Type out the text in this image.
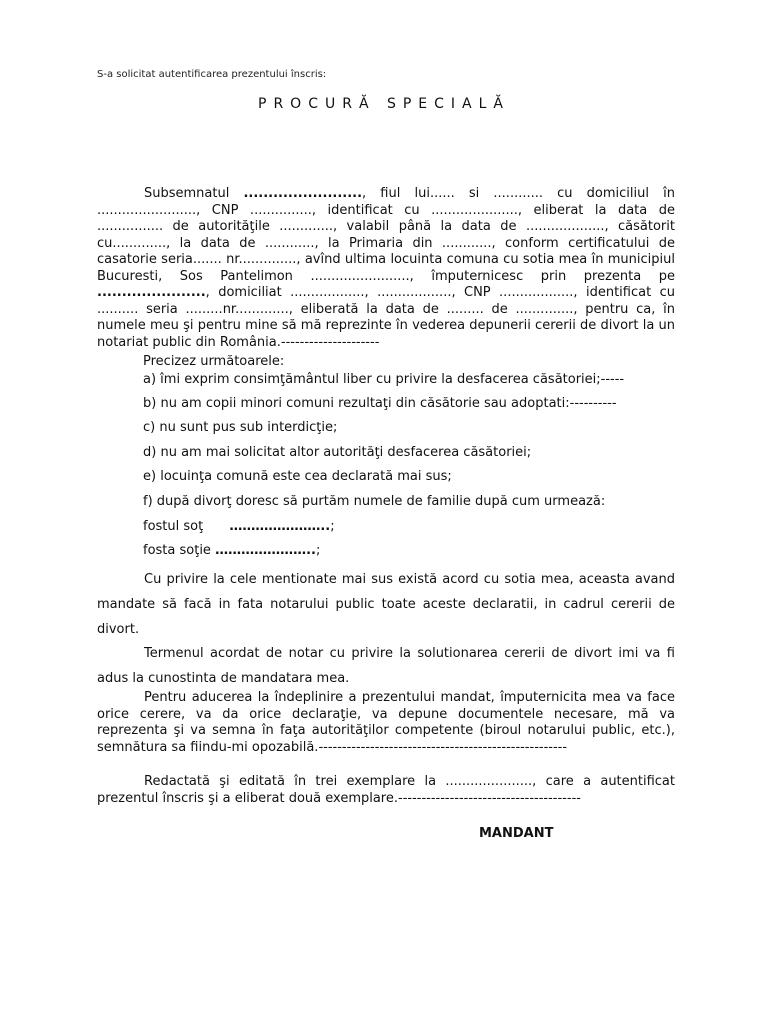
S-a solicitat autentificarea prezentului înscris:
PROCURĂ SPECIALĂ
Subsemnatul ........................, fiul lui...... si ............ cu domiciliul în ........................, CNP ..............., identificat cu ....................., eliberat la data de ................ de autorităţile ............., valabil până la data de ..................., căsătorit cu............., la data de ............, la Primaria din ............, conform certificatului de casatorie seria....... nr.............., avînd ultima locuinta comuna cu sotia mea în municipiul Bucuresti, Sos Pantelimon ........................, împuternicesc prin prezenta pe ......................, domiciliat .................., .................., CNP .................., identificat cu .......... seria .........nr............., eliberată la data de ......... de .............., pentru ca, în numele meu şi pentru mine să mă reprezinte în vederea depunerii cererii de divort la un notariat public din România.---------------------
Precizez următoarele:
a) îmi exprim consimţământul liber cu privire la desfacerea căsătoriei;-----
b) nu am copii minori comuni rezultaţi din căsătorie sau adoptati:----------
c) nu sunt pus sub interdicţie;
d) nu am mai solicitat altor autorităţi desfacerea căsătoriei;
e) locuinţa comună este cea declarată mai sus;
f) după divorţ doresc să purtăm numele de familie după cum urmează:
fostul soţ …………………..;
fosta soţie …………………..;
Cu privire la cele mentionate mai sus există acord cu sotia mea, aceasta avand mandate să facă in fata notarului public toate aceste declaratii, in cadrul cererii de divort.
Termenul acordat de notar cu privire la solutionarea cererii de divort imi va fi adus la cunostinta de mandatara mea.
Pentru aducerea la îndeplinire a prezentului mandat, împuternicita mea va face orice cerere, va da orice declaraţie, va depune documentele necesare, mă va reprezenta şi va semna în faţa autorităţilor competente (biroul notarului public, etc.), semnătura sa fiindu-mi opozabilă.-----------------------------------------------------
Redactată şi editată în trei exemplare la ....................., care a autentificat prezentul înscris şi a eliberat două exemplare.---------------------------------------
MANDANT
